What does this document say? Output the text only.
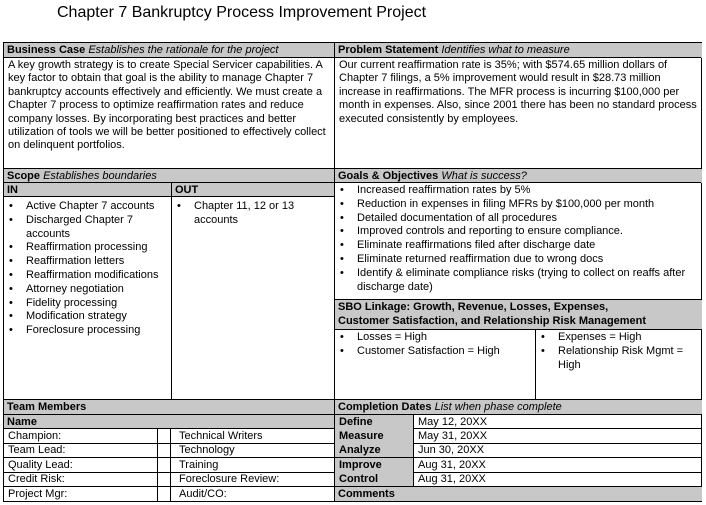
Chapter 7 Bankruptcy Process Improvement Project
Business Case Establishes the rationale for the project	Problem Statement Identifies what to measure
A key growth strategy is to create Special Servicer capabilities. A key factor to obtain that goal is the ability to manage Chapter 7 bankruptcy accounts effectively and efficiently. We must create a Chapter 7 process to optimize reaffirmation rates and reduce company losses. By incorporating best practices and better utilization of tools we will be better positioned to effectively collect on delinquent portfolios.
Our current reaffirmation rate is 35%; with $574.65 million dollars of Chapter 7 filings, a 5% improvement would result in $28.73 million increase in reaffirmations. The MFR process is incurring $100,000 per month in expenses. Also, since 2001 there has been no standard process executed consistently by employees.
Scope Establishes boundaries
IN	OUT
• Active Chapter 7 accounts
• Discharged Chapter 7 accounts
• Reaffirmation processing
• Reaffirmation letters
• Reaffirmation modifications
• Attorney negotiation
• Fidelity processing
• Modification strategy
• Foreclosure processing
• Chapter 11, 12 or 13 accounts
Goals & Objectives What is success?
• Increased reaffirmation rates by 5%
• Reduction in expenses in filing MFRs by $100,000 per month
• Detailed documentation of all procedures
• Improved controls and reporting to ensure compliance.
• Eliminate reaffirmations filed after discharge date
• Eliminate returned reaffirmation due to wrong docs
• Identify & eliminate compliance risks (trying to collect on reaffs after discharge date)
SBO Linkage: Growth, Revenue, Losses, Expenses,
Customer Satisfaction, and Relationship Risk Management
• Losses = High
• Customer Satisfaction = High
• Expenses = High
• Relationship Risk Mgmt = High
Team Members
Name
Completion Dates List when phase complete
Comments
Champion:	Technical Writers
Team Lead:	Technology
Quality Lead:	Training
Credit Risk:	Foreclosure Review:
Project Mgr:	Audit/CO:
Define	May 12, 20XX
Measure	May 31, 20XX
Analyze	Jun 30, 20XX
Improve	Aug 31, 20XX
Control	Aug 31, 20XX
